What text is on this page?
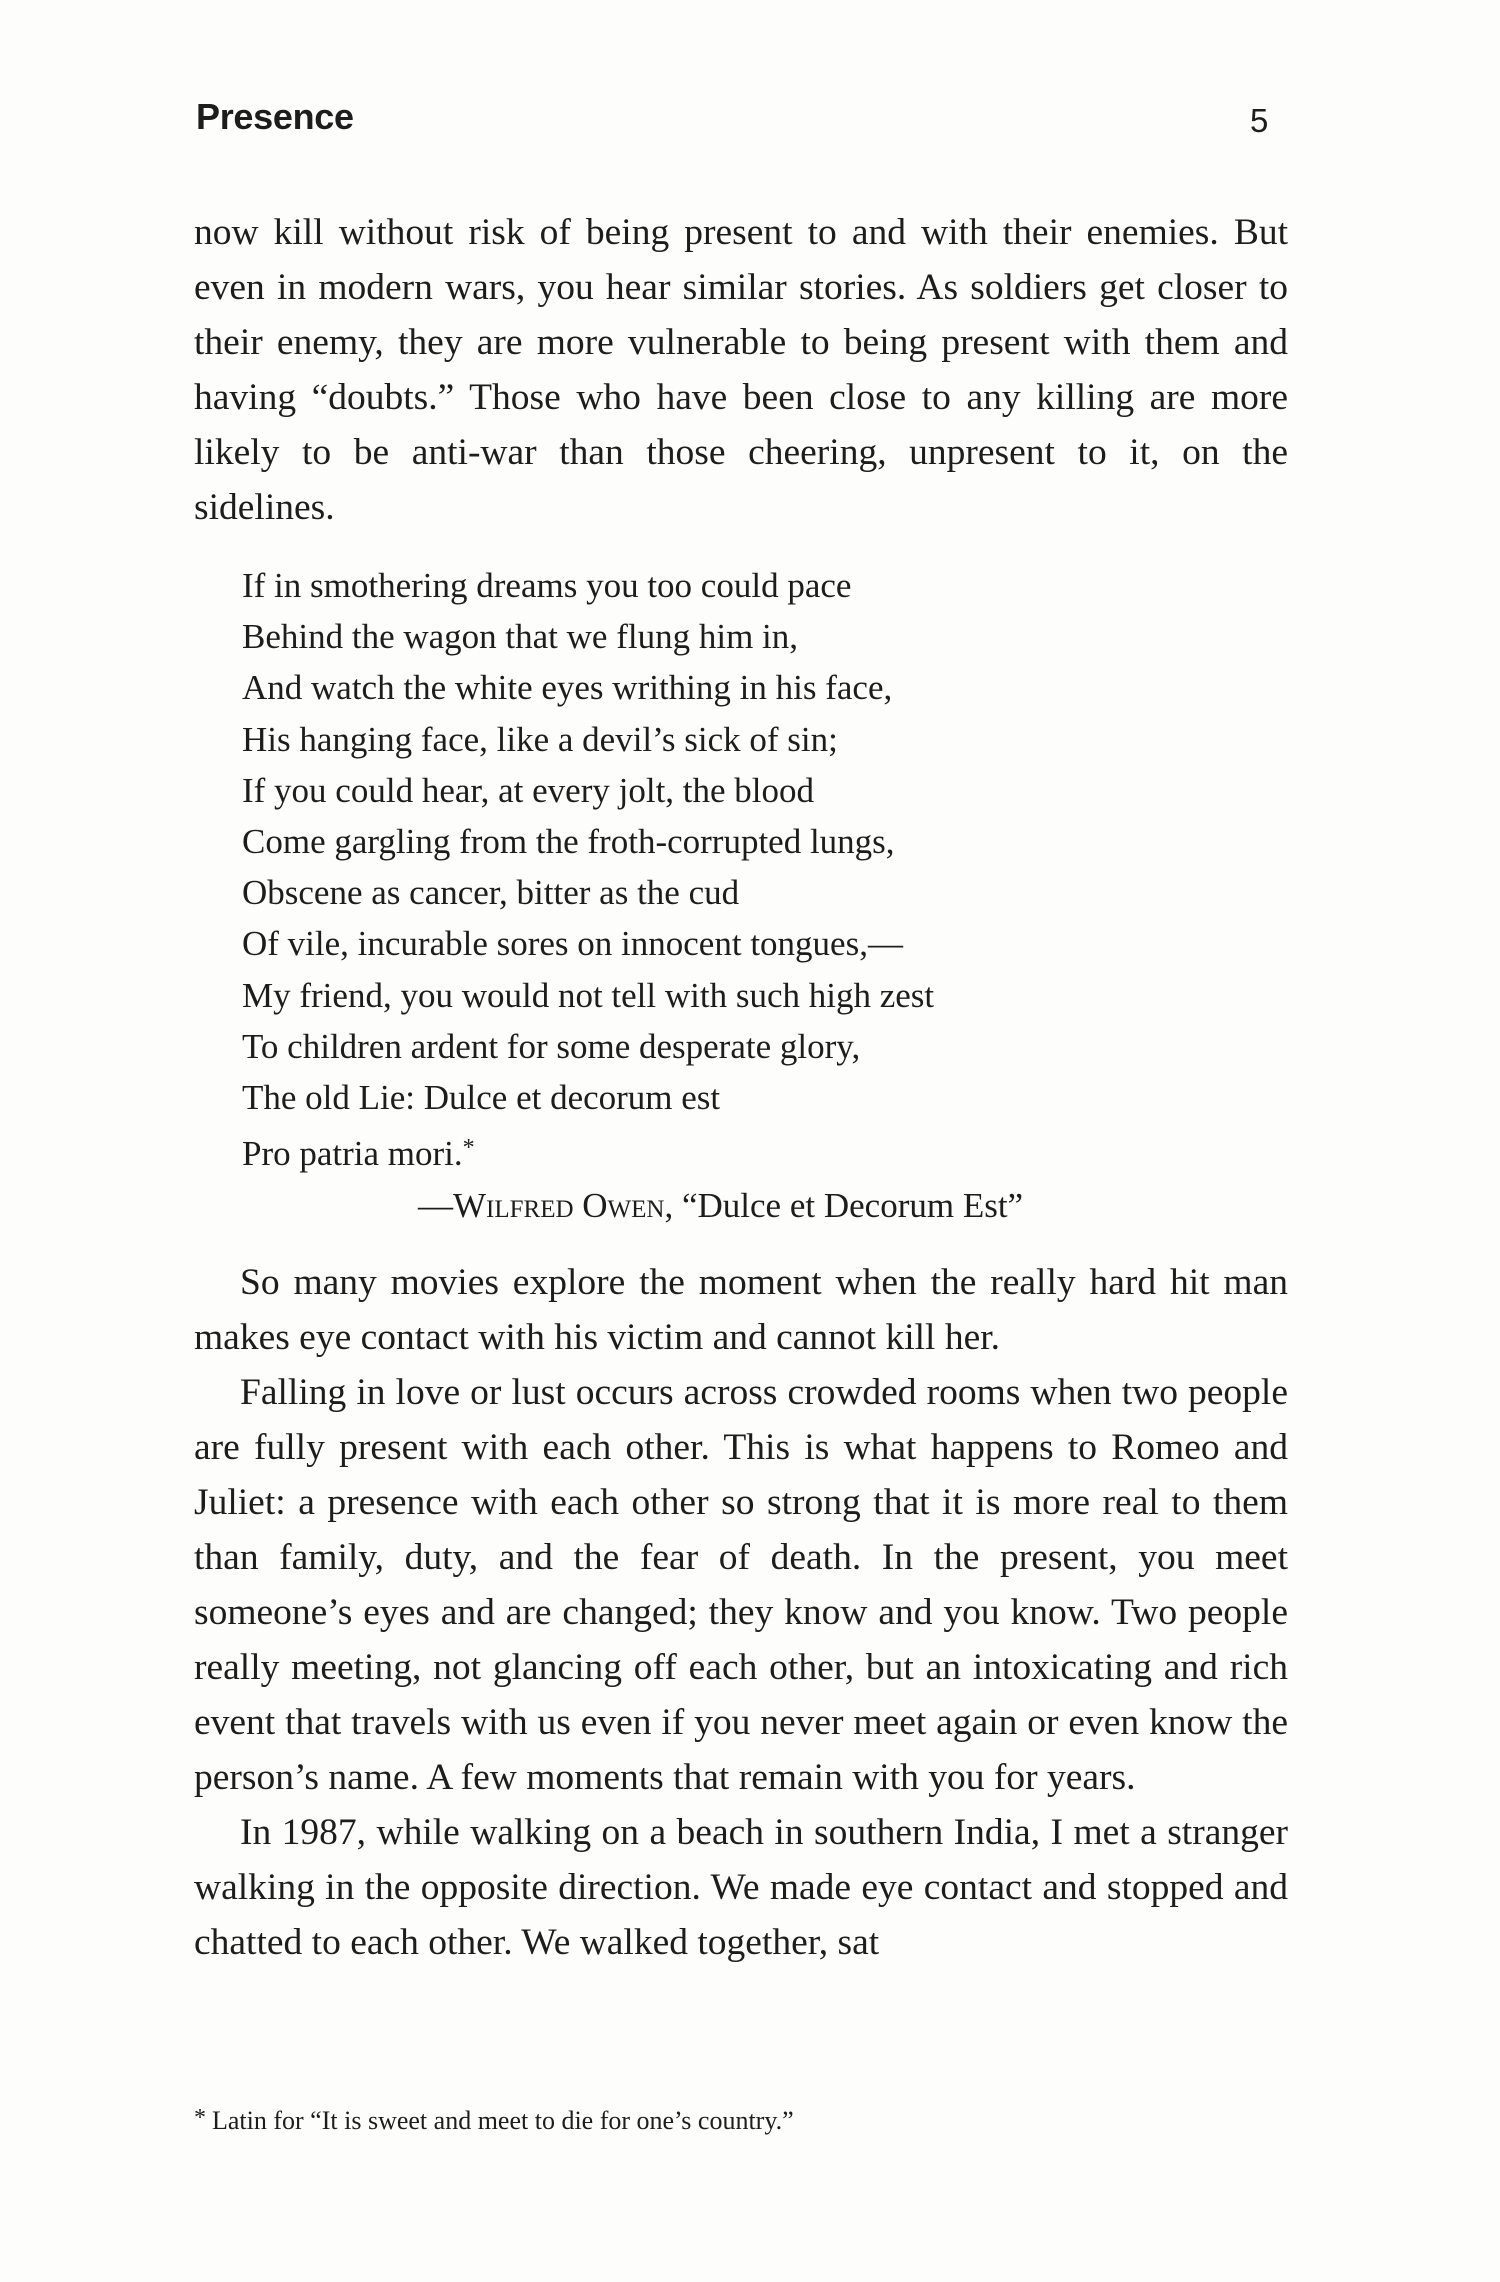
Presence	5

now kill without risk of being present to and with their enemies. But even in modern wars, you hear similar stories. As soldiers get closer to their enemy, they are more vulnerable to being present with them and having “doubts.” Those who have been close to any killing are more likely to be anti-war than those cheering, unpresent to it, on the sidelines.

If in smothering dreams you too could pace
Behind the wagon that we flung him in,
And watch the white eyes writhing in his face,
His hanging face, like a devil’s sick of sin;
If you could hear, at every jolt, the blood
Come gargling from the froth-corrupted lungs,
Obscene as cancer, bitter as the cud
Of vile, incurable sores on innocent tongues,—
My friend, you would not tell with such high zest
To children ardent for some desperate glory,
The old Lie: Dulce et decorum est
Pro patria mori.*
—Wilfred Owen, “Dulce et Decorum Est”

So many movies explore the moment when the really hard hit man makes eye contact with his victim and cannot kill her.

Falling in love or lust occurs across crowded rooms when two people are fully present with each other. This is what happens to Romeo and Juliet: a presence with each other so strong that it is more real to them than family, duty, and the fear of death. In the present, you meet someone’s eyes and are changed; they know and you know. Two people really meeting, not glancing off each other, but an intoxicating and rich event that travels with us even if you never meet again or even know the person’s name. A few moments that remain with you for years.

In 1987, while walking on a beach in southern India, I met a stranger walking in the opposite direction. We made eye contact and stopped and chatted to each other. We walked together, sat

* Latin for “It is sweet and meet to die for one’s country.”
